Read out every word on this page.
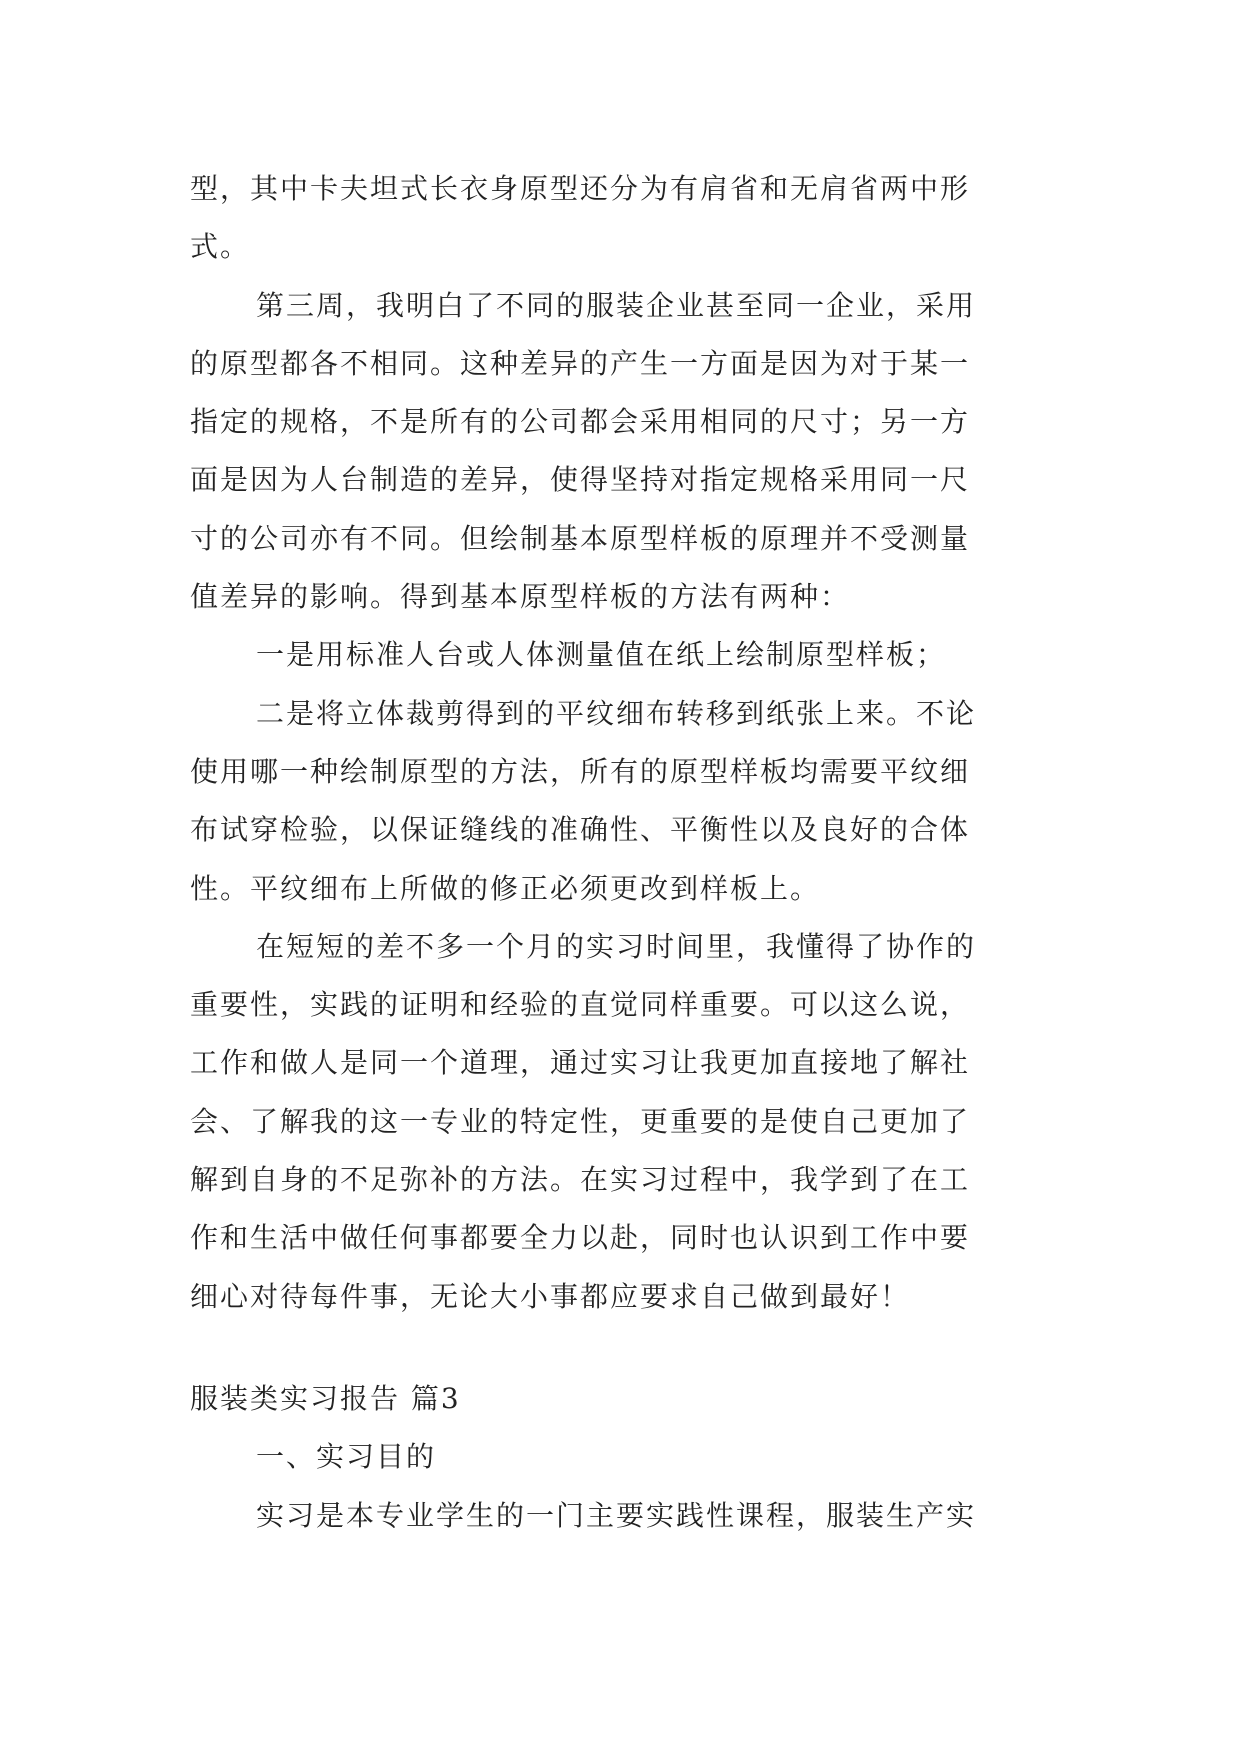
型，其中卡夫坦式长衣身原型还分为有肩省和无肩省两中形
式。
第三周，我明白了不同的服装企业甚至同一企业，采用
的原型都各不相同。这种差异的产生一方面是因为对于某一
指定的规格，不是所有的公司都会采用相同的尺寸；另一方
面是因为人台制造的差异，使得坚持对指定规格采用同一尺
寸的公司亦有不同。但绘制基本原型样板的原理并不受测量
值差异的影响。得到基本原型样板的方法有两种：
一是用标准人台或人体测量值在纸上绘制原型样板；
二是将立体裁剪得到的平纹细布转移到纸张上来。不论
使用哪一种绘制原型的方法，所有的原型样板均需要平纹细
布试穿检验，以保证缝线的准确性、平衡性以及良好的合体
性。平纹细布上所做的修正必须更改到样板上。
在短短的差不多一个月的实习时间里，我懂得了协作的
重要性，实践的证明和经验的直觉同样重要。可以这么说，
工作和做人是同一个道理，通过实习让我更加直接地了解社
会、了解我的这一专业的特定性，更重要的是使自己更加了
解到自身的不足弥补的方法。在实习过程中，我学到了在工
作和生活中做任何事都要全力以赴，同时也认识到工作中要
细心对待每件事，无论大小事都应要求自己做到最好！
服装类实习报告 篇3
一、实习目的
实习是本专业学生的一门主要实践性课程，服装生产实
